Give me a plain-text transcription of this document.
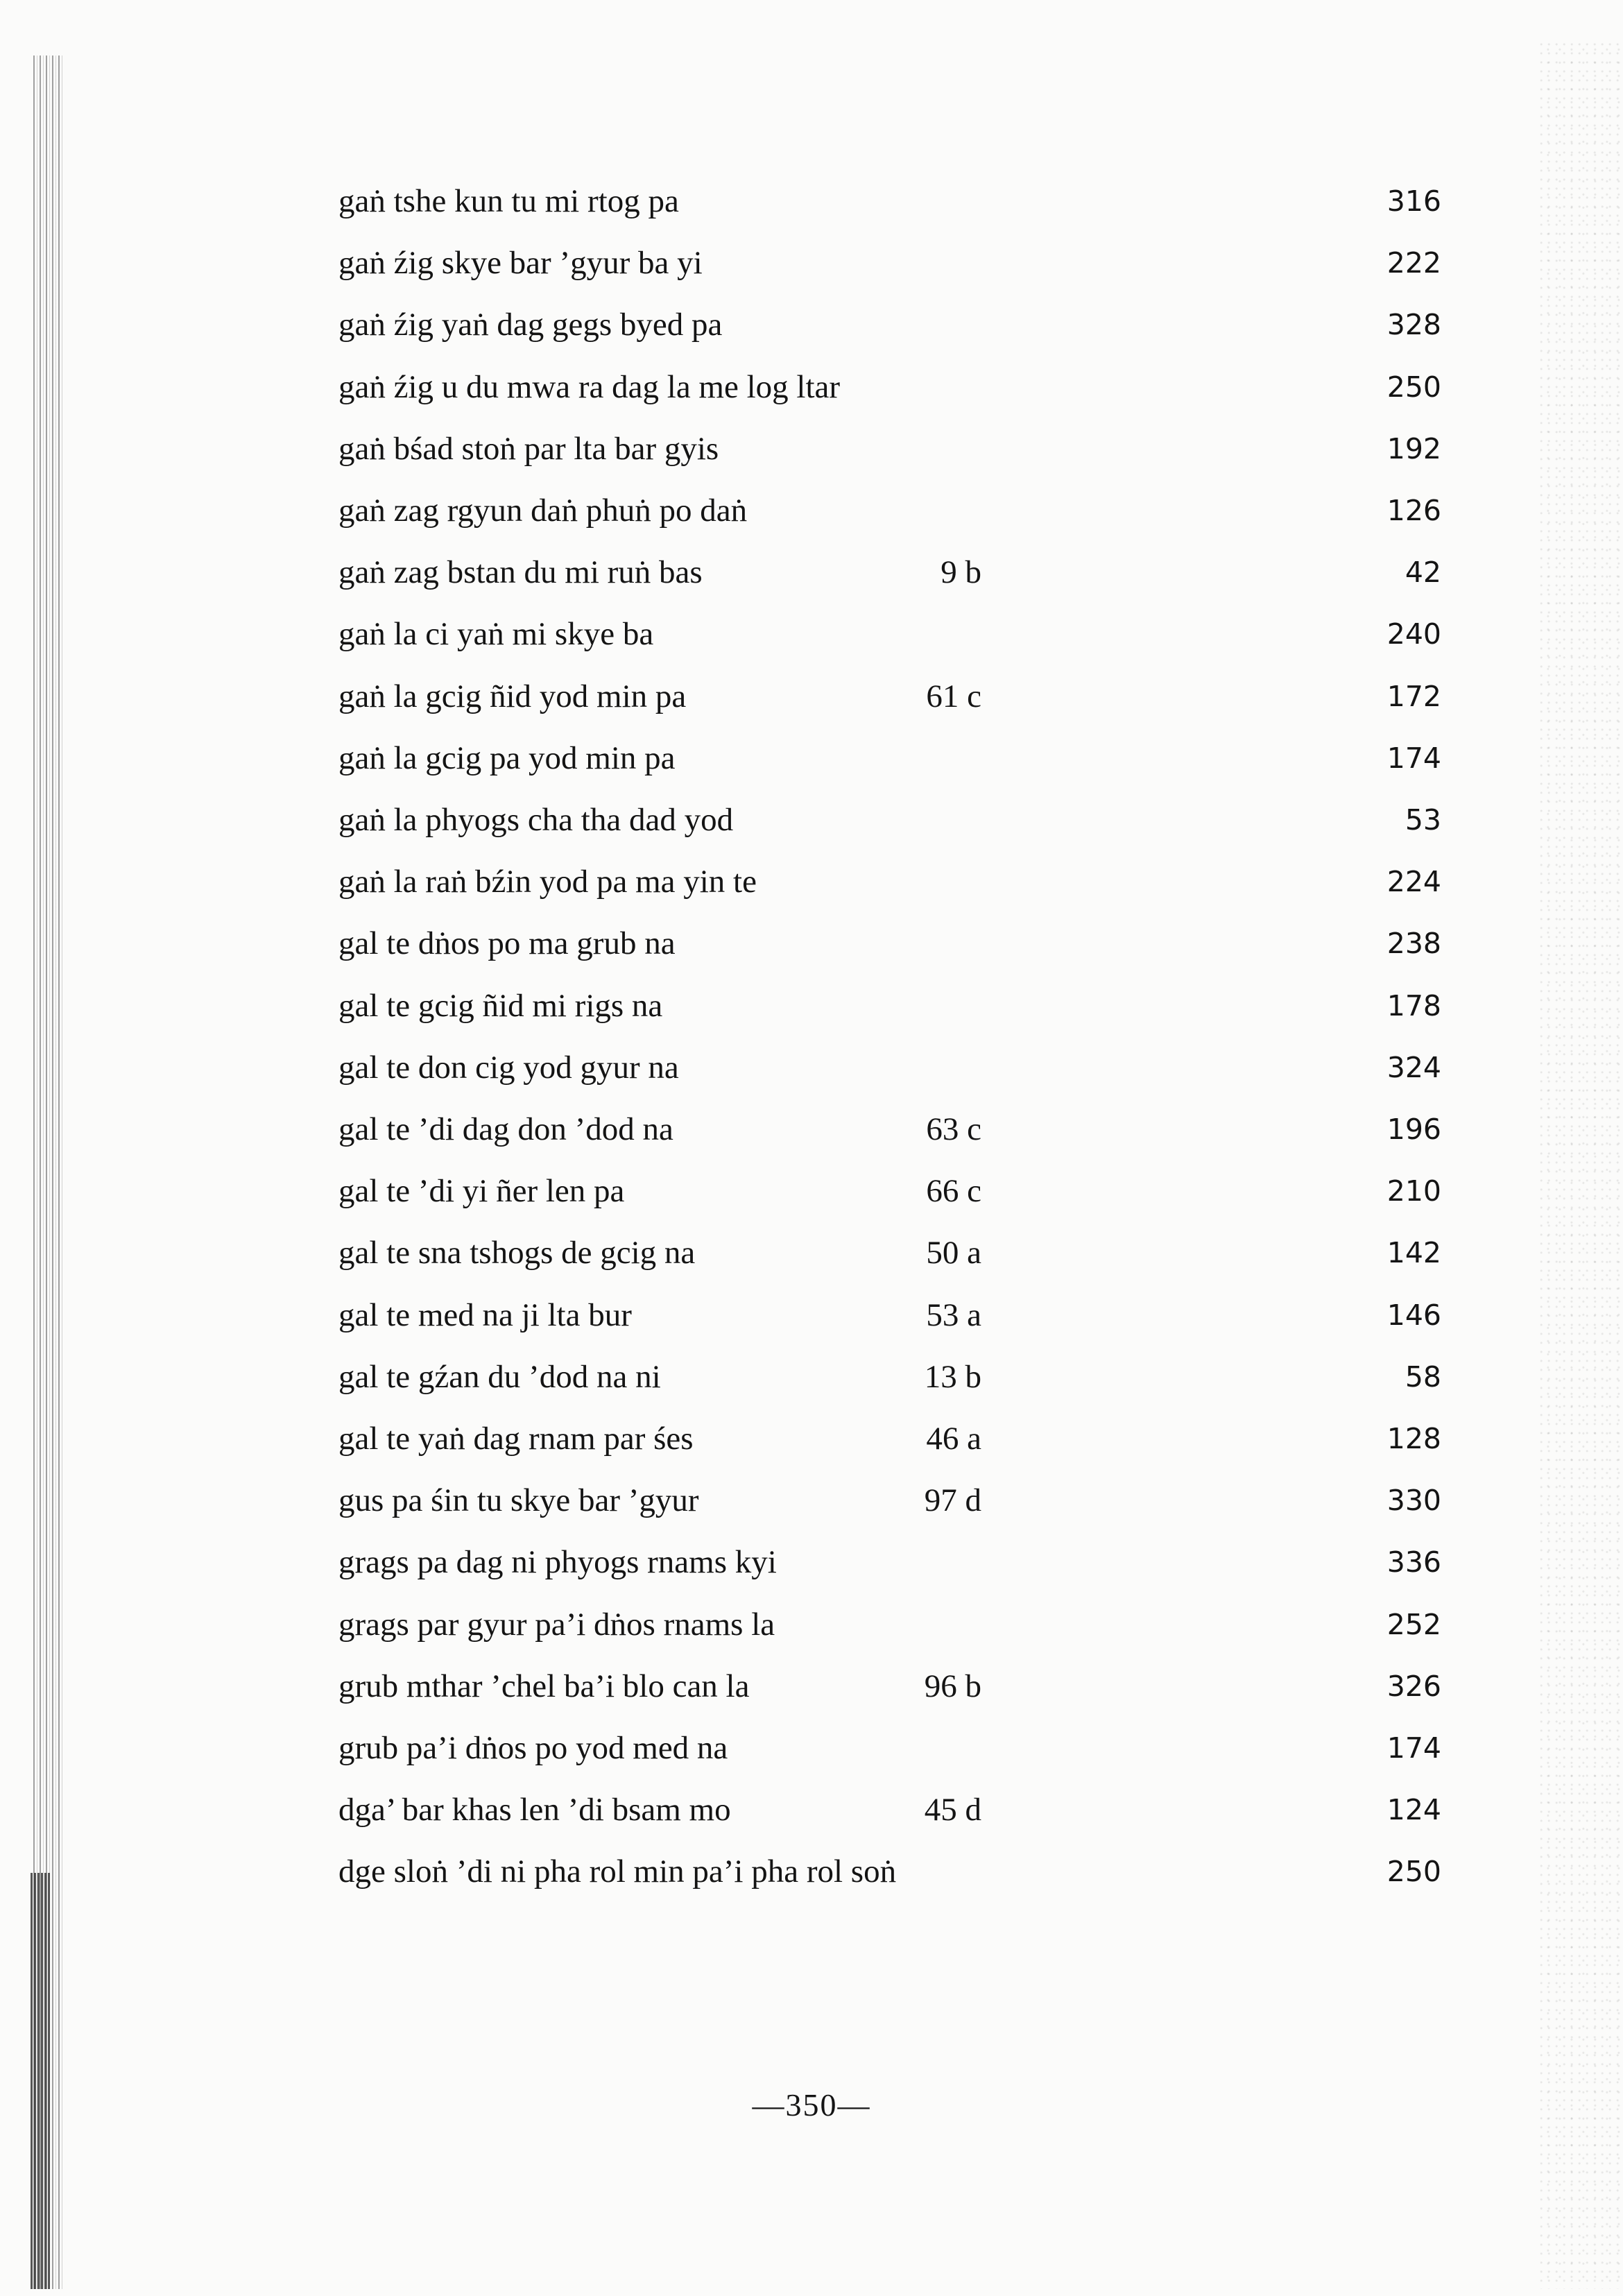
gaṅ tshe kun tu mi rtog pa	316
gaṅ źig skye bar ’gyur ba yi	222
gaṅ źig yaṅ dag gegs byed pa	328
gaṅ źig u du mwa ra dag la me log ltar	250
gaṅ bśad stoṅ par lta bar gyis	192
gaṅ zag rgyun daṅ phuṅ po daṅ	126
gaṅ zag bstan du mi ruṅ bas	9 b	42
gaṅ la ci yaṅ mi skye ba	240
gaṅ la gcig ñid yod min pa	61 c	172
gaṅ la gcig pa yod min pa	174
gaṅ la phyogs cha tha dad yod	53
gaṅ la raṅ bźin yod pa ma yin te	224
gal te dṅos po ma grub na	238
gal te gcig ñid mi rigs na	178
gal te don cig yod gyur na	324
gal te ’di dag don ’dod na	63 c	196
gal te ’di yi ñer len pa	66 c	210
gal te sna tshogs de gcig na	50 a	142
gal te med na ji lta bur	53 a	146
gal te gźan du ’dod na ni	13 b	58
gal te yaṅ dag rnam par śes	46 a	128
gus pa śin tu skye bar ’gyur	97 d	330
grags pa dag ni phyogs rnams kyi	336
grags par gyur pa’i dṅos rnams la	252
grub mthar ’chel ba’i blo can la	96 b	326
grub pa’i dṅos po yod med na	174
dga’ bar khas len ’di bsam mo	45 d	124
dge sloṅ ’di ni pha rol min pa’i pha rol soṅ	250
—350—
